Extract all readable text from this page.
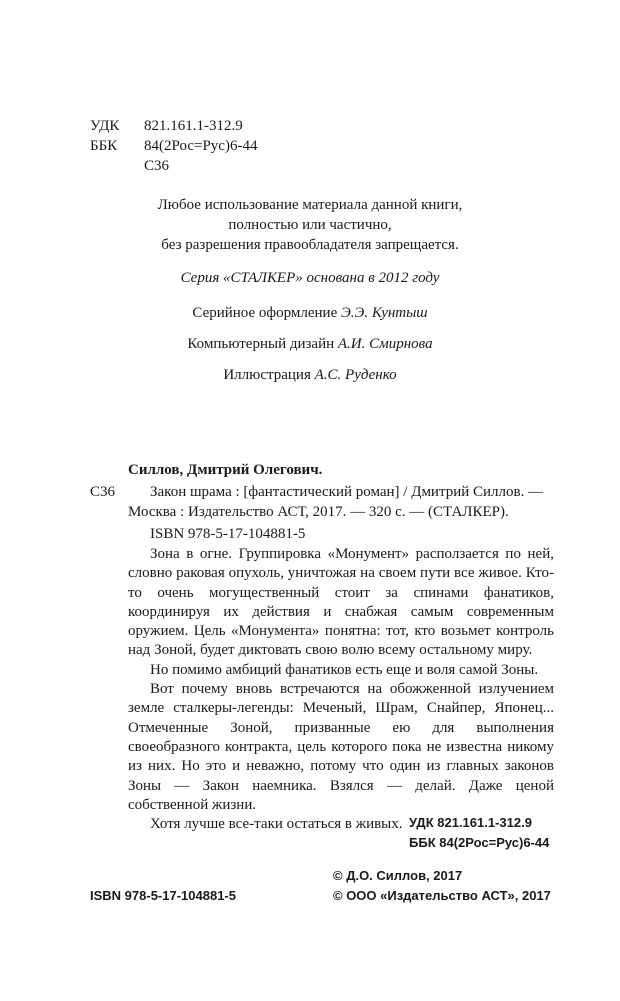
УДК	821.161.1-312.9
ББК	84(2Рос=Рус)6-44
С36
Любое использование материала данной книги,
полностью или частично,
без разрешения правообладателя запрещается.
Серия «СТАЛКЕР» основана в 2012 году
Серийное оформление Э.Э. Кунтыш
Компьютерный дизайн А.И. Смирнова
Иллюстрация А.С. Руденко
Силлов, Дмитрий Олегович.
С36 Закон шрама : [фантастический роман] / Дмитрий Силлов. —
Москва : Издательство АСТ, 2017. — 320 с. — (СТАЛКЕР).
ISBN 978-5-17-104881-5

Зона в огне. Группировка «Монумент» расползается по ней, словно раковая опухоль, уничтожая на своем пути все живое. Кто-то очень могущественный стоит за спинами фанатиков, координируя их действия и снабжая самым современным оружием. Цель «Монумента» понятна: тот, кто возьмет контроль над Зоной, будет диктовать свою волю всему остальному миру.

Но помимо амбиций фанатиков есть еще и воля самой Зоны.

Вот почему вновь встречаются на обожженной излучением земле сталкеры-легенды: Меченый, Шрам, Снайпер, Японец... Отмеченные Зоной, призванные ею для выполнения своеобразного контракта, цель которого пока не известна никому из них. Но это и неважно, потому что один из главных законов Зоны — Закон наемника. Взялся — делай. Даже ценой собственной жизни.

Хотя лучше все-таки остаться в живых. УДК 821.161.1-312.9
ББК 84(2Рос=Рус)6-44
ISBN 978-5-17-104881-5
© Д.О. Силлов, 2017
© ООО «Издательство АСТ», 2017
